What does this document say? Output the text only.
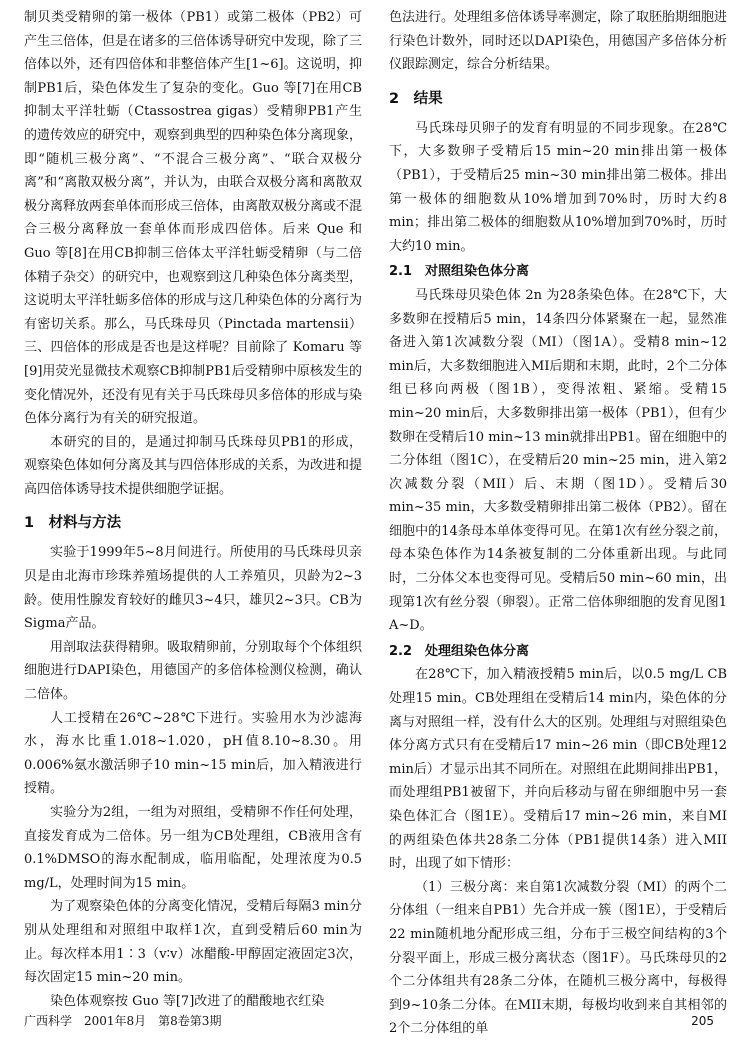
制贝类受精卵的第一极体（PB1）或第二极体（PB2）可产生三倍体，但是在诸多的三倍体诱导研究中发现，除了三倍体以外，还有四倍体和非整倍体产生[1~6]。这说明，抑制PB1后，染色体发生了复杂的变化。Guo 等[7]在用CB抑制太平洋牡蛎（Ctassostrea gigas）受精卵PB1产生的遗传效应的研究中，观察到典型的四种染色体分离现象，即“随机三极分离”、“不混合三极分离”、“联合双极分离”和“离散双极分离”，并认为，由联合双极分离和离散双极分离释放两套单体而形成三倍体，由离散双极分离或不混合三极分离释放一套单体而形成四倍体。后来 Que 和 Guo 等[8]在用CB抑制三倍体太平洋牡蛎受精卵（与二倍体精子杂交）的研究中，也观察到这几种染色体分离类型，这说明太平洋牡蛎多倍体的形成与这几种染色体的分离行为有密切关系。那么，马氏珠母贝（Pinctada martensii）三、四倍体的形成是否也是这样呢？目前除了 Komaru 等[9]用荧光显微技术观察CB抑制PB1后受精卵中原核发生的变化情况外，还没有见有关于马氏珠母贝多倍体的形成与染色体分离行为有关的研究报道。

本研究的目的，是通过抑制马氏珠母贝PB1的形成，观察染色体如何分离及其与四倍体形成的关系，为改进和提高四倍体诱导技术提供细胞学证据。

1　材料与方法

实验于1999年5~8月间进行。所使用的马氏珠母贝亲贝是由北海市珍珠养殖场提供的人工养殖贝，贝龄为2~3龄。使用性腺发育较好的雌贝3~4只，雄贝2~3只。CB为Sigma产品。

用剖取法获得精卵。吸取精卵前，分别取每个个体组织细胞进行DAPI染色，用德国产的多倍体检测仪检测，确认二倍体。

人工授精在26℃~28℃下进行。实验用水为沙滤海水，海水比重1.018~1.020，pH值8.10~8.30。用0.006%氨水激活卵子10 min~15 min后，加入精液进行授精。

实验分为2组，一组为对照组，受精卵不作任何处理，直接发育成为二倍体。另一组为CB处理组，CB液用含有0.1%DMSO的海水配制成，临用临配，处理浓度为0.5 mg/L，处理时间为15 min。

为了观察染色体的分离变化情况，受精后每隔3 min分别从处理组和对照组中取样1次，直到受精后60 min为止。每次样本用1∶3（v∶v）冰醋酸-甲醇固定液固定3次，每次固定15 min~20 min。

染色体观察按 Guo 等[7]改进了的醋酸地衣红染

色法进行。处理组多倍体诱导率测定，除了取胚胎期细胞进行染色计数外，同时还以DAPI染色，用德国产多倍体分析仪跟踪测定，综合分析结果。

2　结果

马氏珠母贝卵子的发育有明显的不同步现象。在28℃下，大多数卵子受精后15 min~20 min排出第一极体（PB1），于受精后25 min~30 min排出第二极体。排出第一极体的细胞数从10%增加到70%时，历时大约8 min；排出第二极体的细胞数从10%增加到70%时，历时大约10 min。

2.1　对照组染色体分离

马氏珠母贝染色体 2n 为28条染色体。在28℃下，大多数卵在授精后5 min，14条四分体紧聚在一起，显然准备进入第1次减数分裂（MI）（图1A）。受精8 min~12 min后，大多数细胞进入MI后期和末期，此时，2个二分体组已移向两极（图1B），变得浓粗、紧缩。受精15 min~20 min后，大多数卵排出第一极体（PB1），但有少数卵在受精后10 min~13 min就排出PB1。留在细胞中的二分体组（图1C），在受精后20 min~25 min，进入第2次减数分裂（MII）后、末期（图1D）。受精后30 min~35 min，大多数受精卵排出第二极体（PB2）。留在细胞中的14条母本单体变得可见。在第1次有丝分裂之前，母本染色体作为14条被复制的二分体重新出现。与此同时，二分体父本也变得可见。受精后50 min~60 min，出现第1次有丝分裂（卵裂）。正常二倍体卵细胞的发育见图1 A~D。

2.2　处理组染色体分离

在28℃下，加入精液授精5 min后，以0.5 mg/L CB处理15 min。CB处理组在受精后14 min内，染色体的分离与对照组一样，没有什么大的区别。处理组与对照组染色体分离方式只有在受精后17 min~26 min（即CB处理12 min后）才显示出其不同所在。对照组在此期间排出PB1，而处理组PB1被留下，并向后移动与留在卵细胞中另一套染色体汇合（图1E）。受精后17 min~26 min，来自MI的两组染色体共28条二分体（PB1提供14条）进入MII时，出现了如下情形：

（1）三极分离：来自第1次减数分裂（MI）的两个二分体组（一组来自PB1）先合并成一簇（图1E），于受精后22 min随机地分配形成三组，分布于三极空间结构的3个分裂平面上，形成三极分离状态（图1F）。马氏珠母贝的2个二分体组共有28条二分体，在随机三极分离中，每极得到9~10条二分体。在MII末期，每极均收到来自其相邻的2个二分体组的单

广西科学　2001年8月　第8卷第3期	205
